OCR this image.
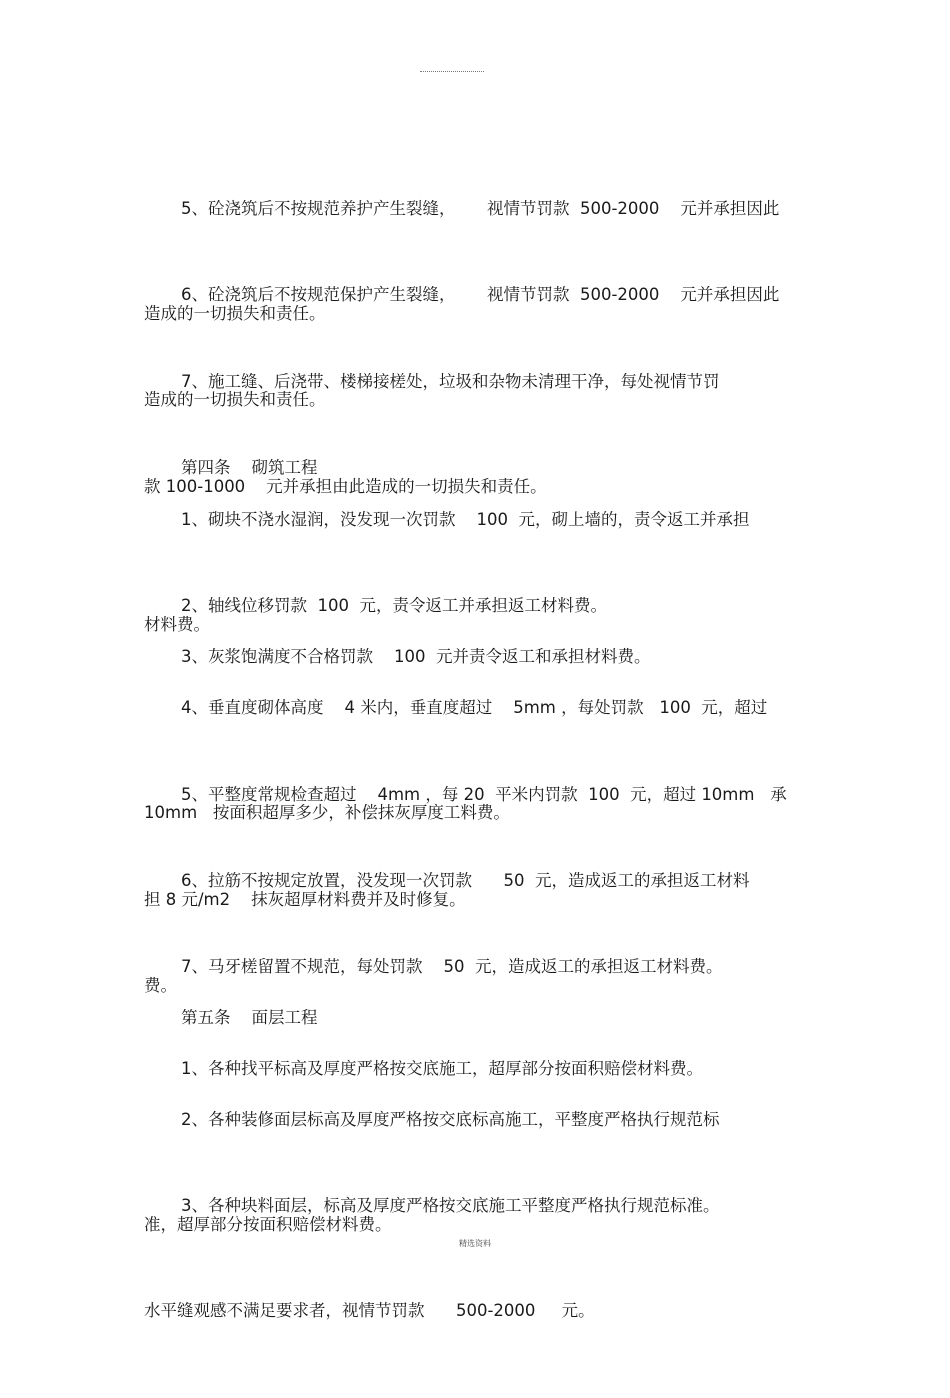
5、砼浇筑后不按规范养护产生裂缝，      视情节罚款  500-2000    元并承担因此

造成的一切损失和责任。

6、砼浇筑后不按规范保护产生裂缝，      视情节罚款  500-2000    元并承担因此

造成的一切损失和责任。

7、施工缝、后浇带、楼梯接槎处，垃圾和杂物未清理干净，每处视情节罚

款 100-1000    元并承担由此造成的一切损失和责任。

第四条    砌筑工程

1、砌块不浇水湿润，没发现一次罚款    100  元，砌上墙的，责令返工并承担

材料费。

2、轴线位移罚款  100  元，责令返工并承担返工材料费。

3、灰浆饱满度不合格罚款    100  元并责令返工和承担材料费。

4、垂直度砌体高度    4 米内，垂直度超过    5mm ，每处罚款   100  元，超过

10mm   按面积超厚多少，补偿抹灰厚度工料费。

5、平整度常规检查超过    4mm ，每 20  平米内罚款  100  元，超过 10mm   承

担 8 元/m2    抹灰超厚材料费并及时修复。

6、拉筋不按规定放置，没发现一次罚款      50  元，造成返工的承担返工材料

费。

7、马牙槎留置不规范，每处罚款    50  元，造成返工的承担返工材料费。

第五条    面层工程

1、各种找平标高及厚度严格按交底施工，超厚部分按面积赔偿材料费。

2、各种装修面层标高及厚度严格按交底标高施工，平整度严格执行规范标

准，超厚部分按面积赔偿材料费。

3、各种块料面层，标高及厚度严格按交底施工平整度严格执行规范标准。

水平缝观感不满足要求者，视情节罚款      500-2000     元。

精选资料
